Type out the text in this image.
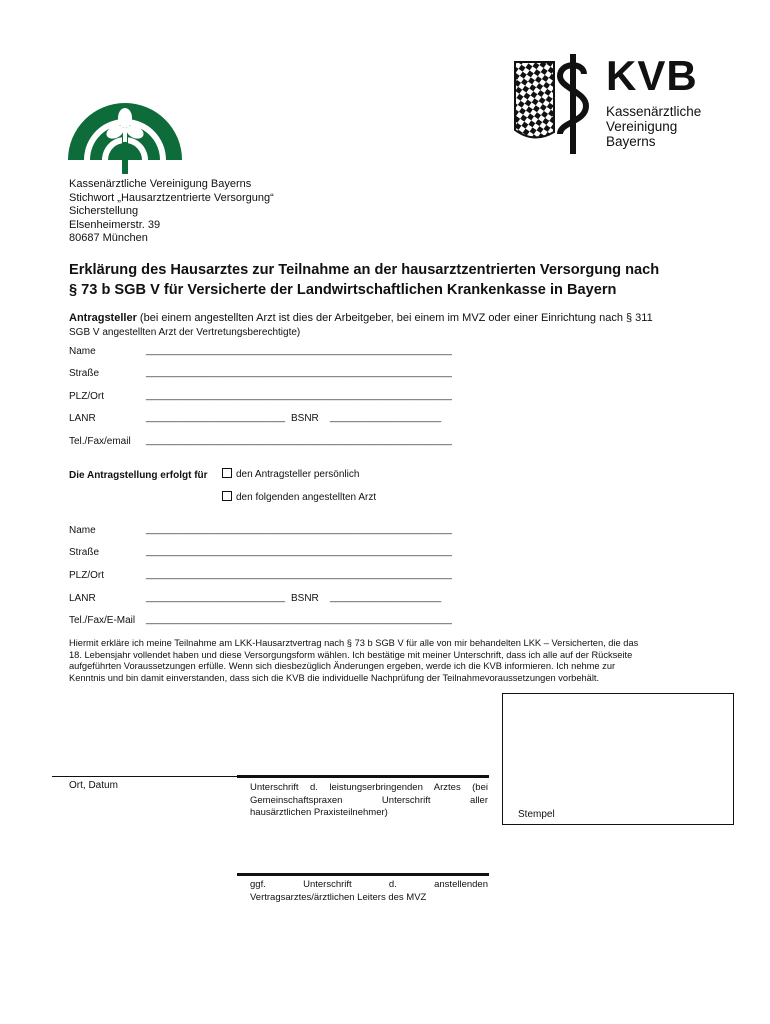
KVB
Kassenärztliche
Vereinigung
Bayerns
Kassenärztliche Vereinigung Bayerns
Stichwort „Hausarztzentrierte Versorgung“
Sicherstellung
Elsenheimerstr. 39
80687 München
Erklärung des Hausarztes zur Teilnahme an der hausarztzentrierten Versorgung nach
§ 73 b SGB V für Versicherte der Landwirtschaftlichen Krankenkasse in Bayern
Antragsteller (bei einem angestellten Arzt ist dies der Arbeitgeber, bei einem im MVZ oder einer Einrichtung nach § 311
SGB V angestellten Arzt der Vertretungsberechtigte)
Name	_______________________________________________________
Straße	_______________________________________________________
PLZ/Ort	_______________________________________________________
LANR	_________________________ BSNR ____________________
Tel./Fax/email _______________________________________________________
Die Antragstellung erfolgt für	den Antragsteller persönlich
den folgenden angestellten Arzt
Name	_______________________________________________________
Straße	_______________________________________________________
PLZ/Ort	_______________________________________________________
LANR	_________________________ BSNR ____________________
Tel./Fax/E-Mail _______________________________________________________
Hiermit erkläre ich meine Teilnahme am LKK-Hausarztvertrag nach § 73 b SGB V für alle von mir behandelten LKK – Versicherten, die das
18. Lebensjahr vollendet haben und diese Versorgungsform wählen. Ich bestätige mit meiner Unterschrift, dass ich alle auf der Rückseite
aufgeführten Voraussetzungen erfülle. Wenn sich diesbezüglich Änderungen ergeben, werde ich die KVB informieren. Ich nehme zur
Kenntnis und bin damit einverstanden, dass sich die KVB die individuelle Nachprüfung der Teilnahmevoraussetzungen vorbehält.
Stempel
Ort, Datum	Unterschrift d. leistungserbringenden Arztes (bei
Gemeinschaftspraxen Unterschrift aller
hausärztlichen Praxisteilnehmer)
ggf. Unterschrift d. anstellenden
Vertragsarztes/ärztlichen Leiters des MVZ
